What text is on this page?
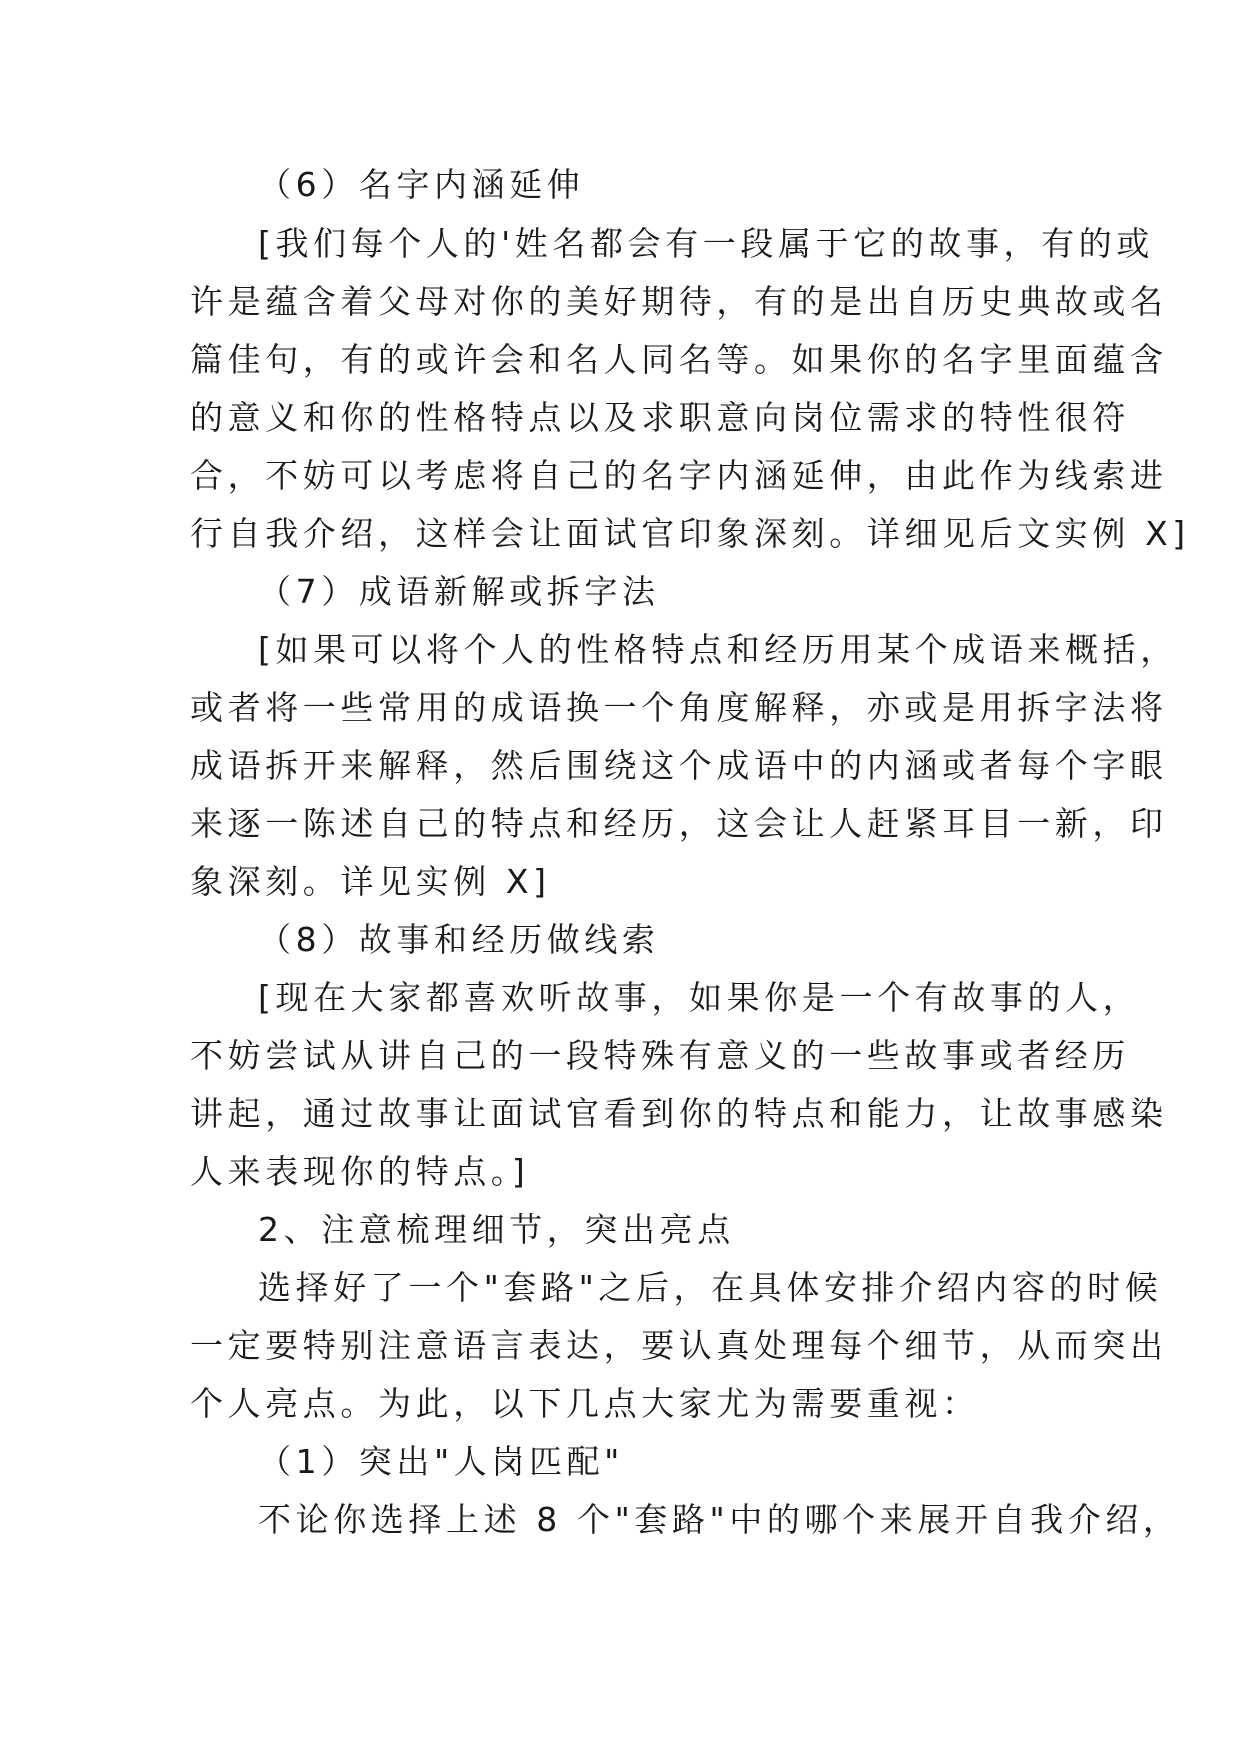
（6）名字内涵延伸
[我们每个人的'姓名都会有一段属于它的故事，有的或
许是蕴含着父母对你的美好期待，有的是出自历史典故或名
篇佳句，有的或许会和名人同名等。如果你的名字里面蕴含
的意义和你的性格特点以及求职意向岗位需求的特性很符
合，不妨可以考虑将自己的名字内涵延伸，由此作为线索进
行自我介绍，这样会让面试官印象深刻。详细见后文实例 X]
（7）成语新解或拆字法
[如果可以将个人的性格特点和经历用某个成语来概括，
或者将一些常用的成语换一个角度解释，亦或是用拆字法将
成语拆开来解释，然后围绕这个成语中的内涵或者每个字眼
来逐一陈述自己的特点和经历，这会让人赶紧耳目一新，印
象深刻。详见实例 X]
（8）故事和经历做线索
[现在大家都喜欢听故事，如果你是一个有故事的人，
不妨尝试从讲自己的一段特殊有意义的一些故事或者经历
讲起，通过故事让面试官看到你的特点和能力，让故事感染
人来表现你的特点。]
2、注意梳理细节，突出亮点
选择好了一个"套路"之后，在具体安排介绍内容的时候
一定要特别注意语言表达，要认真处理每个细节，从而突出
个人亮点。为此，以下几点大家尤为需要重视：
（1）突出"人岗匹配"
不论你选择上述 8 个"套路"中的哪个来展开自我介绍，
